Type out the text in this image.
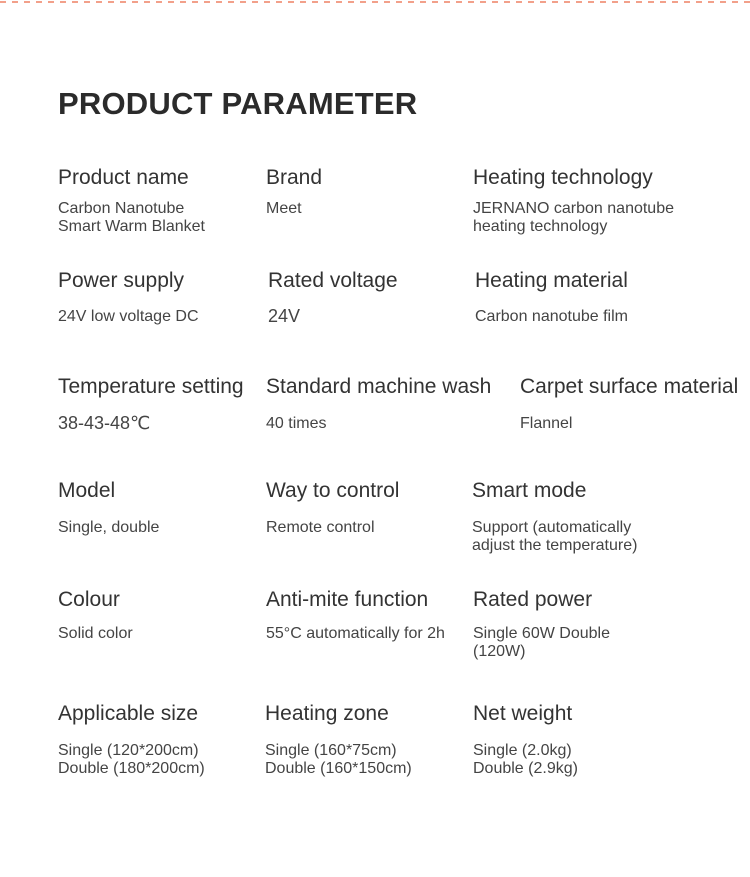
PRODUCT PARAMETER
Product name
Carbon Nanotube
Smart Warm Blanket
Brand
Meet
Heating technology
JERNANO carbon nanotube
heating technology
Power supply
24V low voltage DC
Rated voltage
24V
Heating material
Carbon nanotube film
Temperature setting
38-43-48℃
Standard machine wash
40 times
Carpet surface material
Flannel
Model
Single, double
Way to control
Remote control
Smart mode
Support (automatically
adjust the temperature)
Colour
Solid color
Anti-mite function
55°C automatically for 2h
Rated power
Single 60W Double
(120W)
Applicable size
Single (120*200cm)
Double (180*200cm)
Heating zone
Single (160*75cm)
Double (160*150cm)
Net weight
Single (2.0kg)
Double (2.9kg)
